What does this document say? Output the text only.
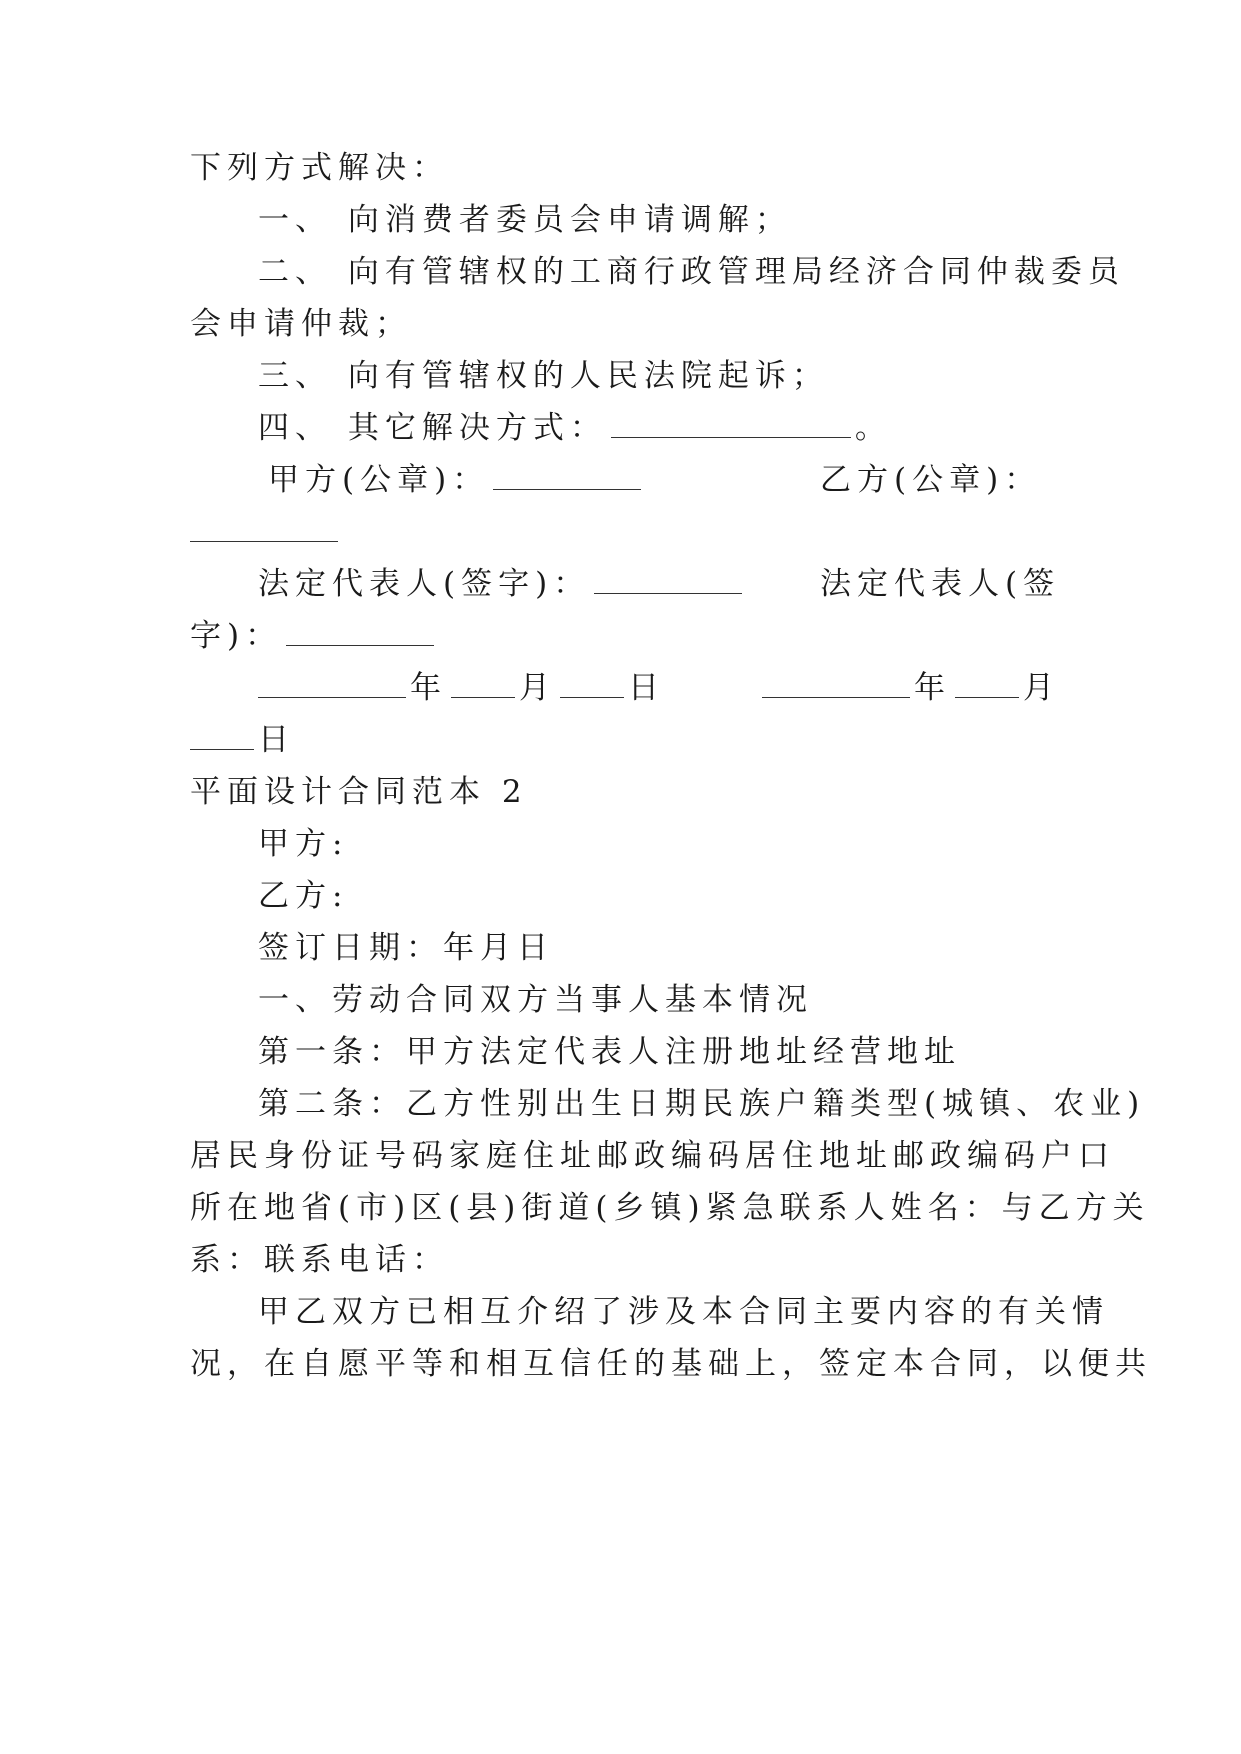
下列方式解决：
一、 向消费者委员会申请调解；
二、 向有管辖权的工商行政管理局经济合同仲裁委员
会申请仲裁；
三、 向有管辖权的人民法院起诉；
四、 其它解决方式：	。
甲方(公章)：	乙方(公章)：
法定代表人(签字)：	法定代表人(签
字)：
年 月 日	年 月
日
平面设计合同范本 2
甲方:
乙方:
签订日期：年月日
一、劳动合同双方当事人基本情况
第一条：甲方法定代表人注册地址经营地址
第二条：乙方性别出生日期民族户籍类型(城镇、农业)
居民身份证号码家庭住址邮政编码居住地址邮政编码户口
所在地省(市)区(县)街道(乡镇)紧急联系人姓名：与乙方关
系：联系电话：
甲乙双方已相互介绍了涉及本合同主要内容的有关情
况，在自愿平等和相互信任的基础上，签定本合同，以便共
